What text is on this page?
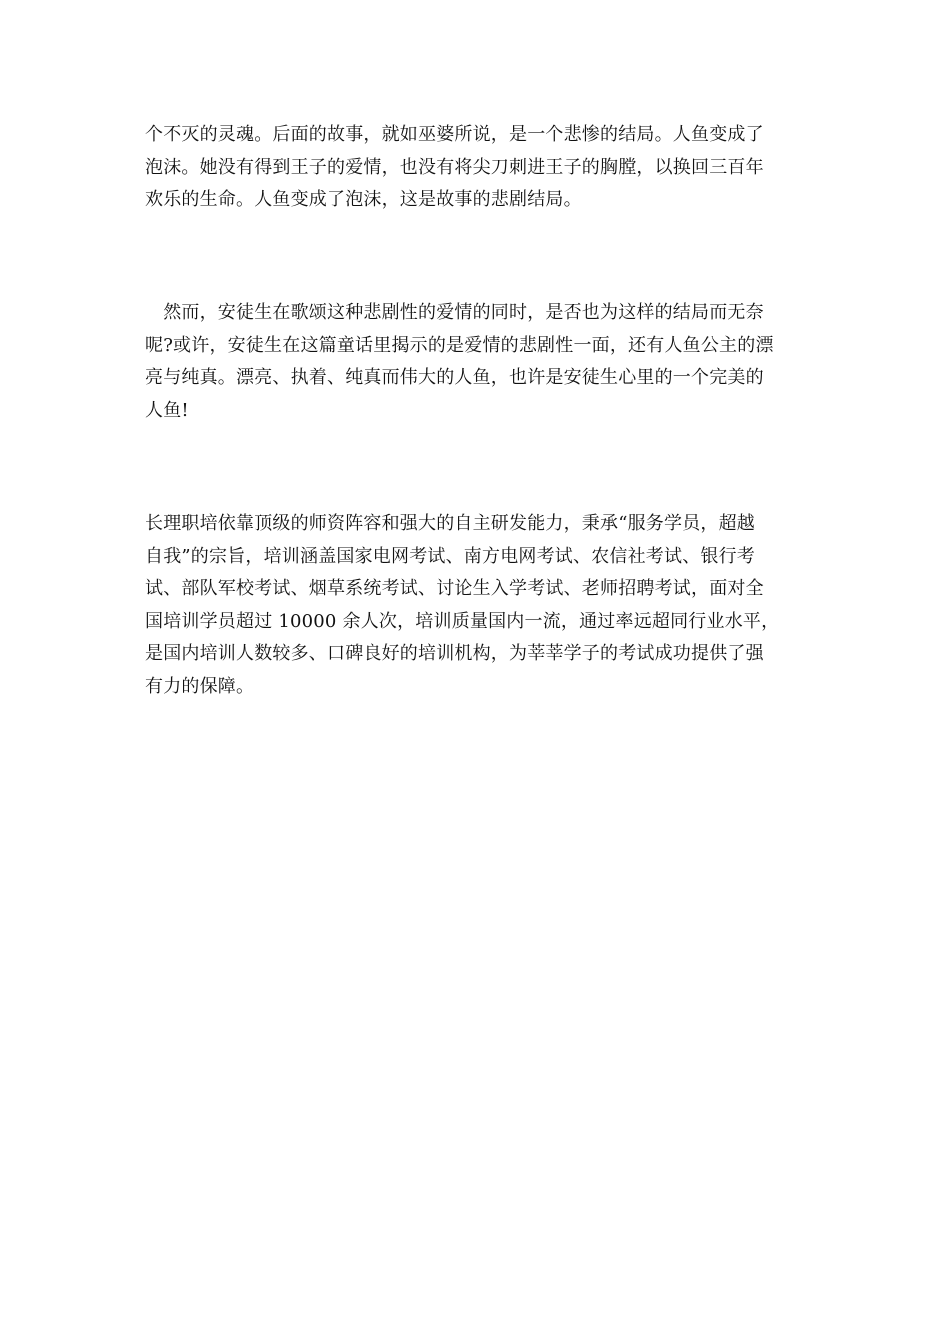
个不灭的灵魂。后面的故事，就如巫婆所说，是一个悲惨的结局。人鱼变成了
泡沫。她没有得到王子的爱情，也没有将尖刀刺进王子的胸膛，以换回三百年
欢乐的生命。人鱼变成了泡沫，这是故事的悲剧结局。

　然而，安徒生在歌颂这种悲剧性的爱情的同时，是否也为这样的结局而无奈
呢?或许，安徒生在这篇童话里揭示的是爱情的悲剧性一面，还有人鱼公主的漂
亮与纯真。漂亮、执着、纯真而伟大的人鱼，也许是安徒生心里的一个完美的
人鱼!

长理职培依靠顶级的师资阵容和强大的自主研发能力，秉承“服务学员，超越
自我”的宗旨，培训涵盖国家电网考试、南方电网考试、农信社考试、银行考
试、部队军校考试、烟草系统考试、讨论生入学考试、老师招聘考试，面对全
国培训学员超过 10000 余人次，培训质量国内一流，通过率远超同行业水平，
是国内培训人数较多、口碑良好的培训机构，为莘莘学子的考试成功提供了强
有力的保障。
